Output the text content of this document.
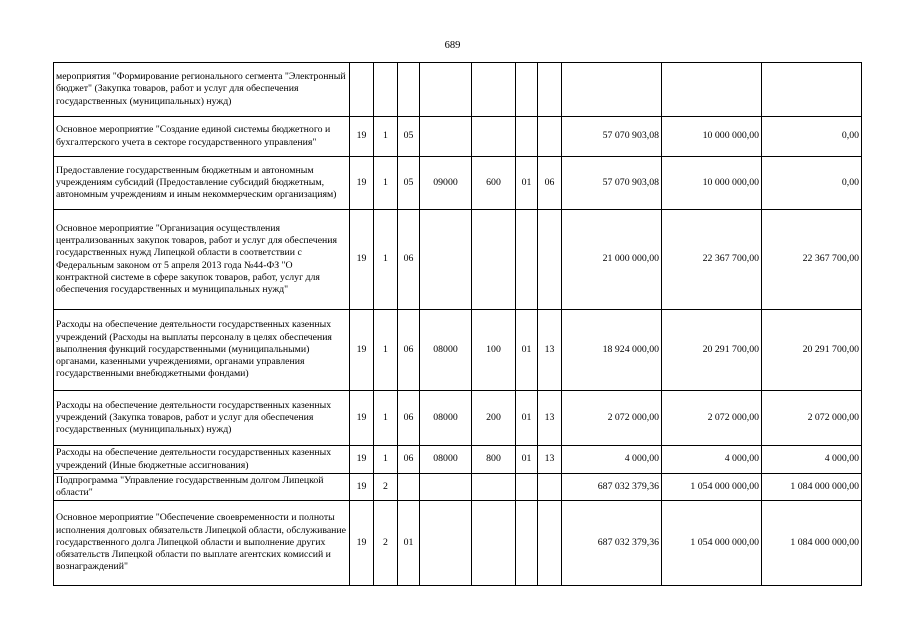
689
мероприятия "Формирование регионального сегмента "Электронный бюджет" (Закупка товаров, работ и услуг для обеспечения государственных (муниципальных) нужд)										
Основное мероприятие "Создание единой системы бюджетного и бухгалтерского учета в секторе государственного управления"	19	1	05					57 070 903,08	10 000 000,00	0,00
Предоставление государственным бюджетным и автономным учреждениям субсидий (Предоставление субсидий бюджетным, автономным учреждениям и иным некоммерческим организациям)	19	1	05	09000	600	01	06	57 070 903,08	10 000 000,00	0,00
Основное мероприятие "Организация осуществления централизованных закупок товаров, работ и услуг для обеспечения государственных нужд Липецкой области в соответствии с Федеральным законом от 5 апреля 2013 года №44-ФЗ "О контрактной системе в сфере закупок товаров, работ, услуг для обеспечения государственных и муниципальных нужд"	19	1	06					21 000 000,00	22 367 700,00	22 367 700,00
Расходы на обеспечение деятельности государственных казенных учреждений (Расходы на выплаты персоналу в целях обеспечения выполнения функций государственными (муниципальными) органами, казенными учреждениями, органами управления государственными внебюджетными фондами)	19	1	06	08000	100	01	13	18 924 000,00	20 291 700,00	20 291 700,00
Расходы на обеспечение деятельности государственных казенных учреждений (Закупка товаров, работ и услуг для обеспечения государственных (муниципальных) нужд)	19	1	06	08000	200	01	13	2 072 000,00	2 072 000,00	2 072 000,00
Расходы на обеспечение деятельности государственных казенных учреждений (Иные бюджетные ассигнования)	19	1	06	08000	800	01	13	4 000,00	4 000,00	4 000,00
Подпрограмма "Управление государственным долгом Липецкой области"	19	2						687 032 379,36	1 054 000 000,00	1 084 000 000,00
Основное мероприятие "Обеспечение своевременности и полноты исполнения долговых обязательств Липецкой области, обслуживание государственного долга Липецкой области и выполнение других обязательств Липецкой области по выплате агентских комиссий и вознаграждений"	19	2	01					687 032 379,36	1 054 000 000,00	1 084 000 000,00
